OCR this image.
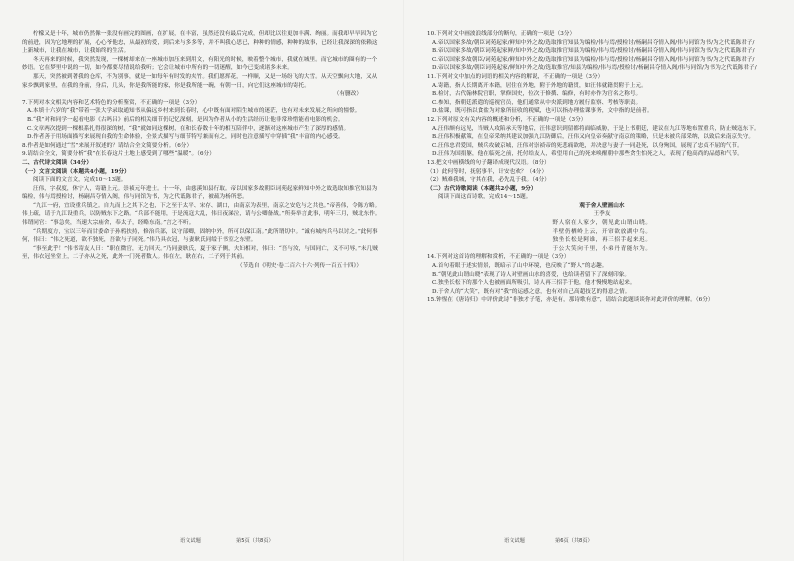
柠檬又是十年，城市仍然像一张没有画完的图画，在扩展，在丰富，虽然还没有最后完成，但却比以往更加丰满、绚丽。而我却早早因为它的前进，因为它地理的扩展，心心爷他忠，从最初的爱，到后来与多多等，并不叫我心思已，种种的情感，种种的故事，已经让我深深的依赖这上新城市，让我在城市，让我始终的生活。

冬天再来的时候，我突然发现，一棵树却来在一座城市加压来到用文，有阳光的时候，映着整个城市，我就在城里。而它城市的圈有的一个妙语。它在梦里中说的一切，如今都要尽情说给我听；它会让城市中所有的一切迷醒，如今已变成诸多未来。

那天，突然被到著我的仓库，不为别事，就是一如每年有时发的夹竹。我们愿挥花，一样顺，又是一场纷飞的大雪。从天空飘向大地，又从家乡飘到家里，在我的身前，身后，几头，你是我所能的家，你是我所能一碗，有朝一日，向它们这座城市的寄托。

（有删改）

7.下列对本文相关内容和艺术特色的分析鉴赏，不正确的一项是（3分）

A.本填十六岁的“我”带着一张大学录取通知书从偏远乡村来到长春时，心中既有面对陌生城市的迷茫，也有对未来发展之所向的憧憬。

B.“我”对和同学一起看电影《古吗吕》前后的相关细节仍记忆深刻，是因为作者从小的生活经历让他非常珍惜能看电影的机会。

C.文章两次提到一棵根系扎得很深的树，“我”就如同这棵树，在和长春数十年的相互陪伴中，逐渐对这座城市产生了深厚的感情。

D.作者善于用场面描写来展现自我的生命体验，全景式描写与细节特写兼而有之，同时也注意插写中穿插“我”丰富的内心感受。

8.作者是如何通过“雪”来展开叙述的？请结合全文简要分析。（6分）

9.请结合全文，简要分析“我”在长春这片土地上感受到了哪些“温暖”。（6分）

二、古代诗文阅读（34分）

（一）文言文阅读（本题共4小题，19分）

阅读下面的文言文，完成10～13题。

汪伟，字叔度，休宁人，寄籍上元。崇祯元年进士。十一年，由慈溪知县行取。帝以国家多故朝臣词苑起家鲜知中外之故选取知推官知县为编检，伟与焉授检讨，杨嗣昌夺情入阁，伟与同馆为书，为之代诋陈君子，被疏为杨所恶。

“九江一府，宜设重兵镇之。自九而上之其下之也，下之至于太平、宋存、湖口，由南京为表里，南京之安危与之共也。”帝善伟，令陈方略。伟上疏，请于九江设重兵，以防贼东下之路。“兵部不能用，于是流寇大乱，伟日夜涕泣，请与公卿备战。”所奏举言此事，明年三月，贼北东作。伟谓同官：“事急矣，当速大宗庙舍，奉太子，经略东南。”言之不听。

“兵期度方，宝以三年而甘委命于孙鸦扶持，修治兵部，议守部卿，固纳中外，所可以保江南。”此所谓切中。“诚有城内兵马以讨之。”此何事何，伟曰：“伟之死道，欲不独死，吾欲与子同死。”伟乃具衣冠，与妻耿氏同缢于书室之东壁。

“事至此乎！”伟书寄友人曰：“职在微官，无力回天。”乃同妻耿氏，夏于家子侧，夫妇相对，伟曰：“吾与汝，与国同亡，义不可辱。”未几贼至，伟衣冠坐堂上，二子亦从之死，此外一门死者数人。伟在左，耿在右，二子列于其前。

（节选自《明史·卷二百六十六·列传一百五十四》）

10.下列对文中画波浪线部分的断句，正确的一项是（3分）

A.帝以国家多故/朝臣词苑起家/鲜知中外之故/选取推官知县为编检/伟与焉/授检讨/杨嗣昌夺情入阁/伟与同馆为书/为之代诋陈君子/

B.帝以国家多故/朝臣词苑起家鲜/知中外之故/选取推官知县为编检/伟与焉/授检讨/杨嗣昌夺情入阁/伟与同馆为书/为之代诋陈君子/

C.帝以国家多故朝臣/词苑起家/鲜知中外之故/选取推官知县为编检/伟与焉/授检讨/杨嗣昌夺情入阁/伟与同馆为书/为之代诋陈君子/

D.帝以国家多故/朝臣词苑起家/鲜知中外之故/选取推官/知县为编检/伟与焉/授检讨/杨嗣昌夺情入阁/伟与同馆/为书为之代诋陈君子/

11.下列对文中加点的词语的相关内容的解说，不正确的一项是（3分）

A.寄籍，指人长期离开本籍，居住在外地，附于外地的籍贯，如汪伟就籍贯附于上元。

B.检讨，古代翰林院官职，掌修国史，位次于修撰、编修，有时亦作为官名之称号。

C.参知，指朝廷派遣的巡视官员，他们通常从中央派到地方履行监察、考核等职责。

D.盐课，既可指以食盐为对象所征收的税赋，也可以指办理盐课事务，文中指的是前者。

12.下列对原文有关内容的概述和分析，不正确的一项是（3分）

A.汪伟颇有远见，当贼人攻陷承天等地后，汪伟意识到留都将面临威胁，于是上书朝廷，建议在九江等地布置重兵，防止贼寇东下。

B.汪伟积极献策，在皇帝采纳其建议加强九江防御后，汪伟又向皇帝奏献守南京的策略，只是未被兵部采纳，以致后来南京失守。

C.汪伟忠君爱国，贼兵攻破京城，汪伟对崇祯帝的死悲痛欲绝，并决意与妻子一同赴死，以身殉国，展现了忠贞不屈的气节。

D.汪伟为国捐躯，他在临死之前，托付给友人，希望用自己的死来唤醒朝中那些贪生怕死之人，表现了他高尚的品德和气节。

13.把文中画横线的句子翻译成现代汉语。（8分）

（1）此何等时，抚躬事半，计安也欢？（4分）

（2）贼难我城，守其在我，必先乱于我。（4分）

（二）古代诗歌阅读（本题共2小题，9分）

阅读下面这首诗歌，完成14～15题。

观于舍人壁画山水

王季友

野人宿在人家少，朝见此山谓山晓。

半壁仍栖岭上云，开帘欲放湖中鸟。

独坐长松是阿谁，再三招手起来迟。

于公大笑向千里，小弟丹青能尔为。

14.下列对这首诗的理解和赏析，不正确的一项是（3分）

A.首句着眼于述实情景，既暗示了山中环境，也反映了“野人”的志趣。

B.“朝见此山谓山晓”表现了诗人对壁画山水的喜爱，也给读者留下了深刻印象。

C.独坐长松下的那个人也被画面所吸引，诗人再三招手于他，他才慢慢地站起来。

D.于舍人的“大笑”，既有对“我”的运感之意，也有对自己高超技艺的得意之情。

15.钟惺在《唐诗归》中评价此诗“非独才子笔，亦是有，那诗歌有意”，请结合此题谈谈你对此评价的理解。（6分）

语文试题	第5页（共8页）	语文试题	第6页（共8页）
